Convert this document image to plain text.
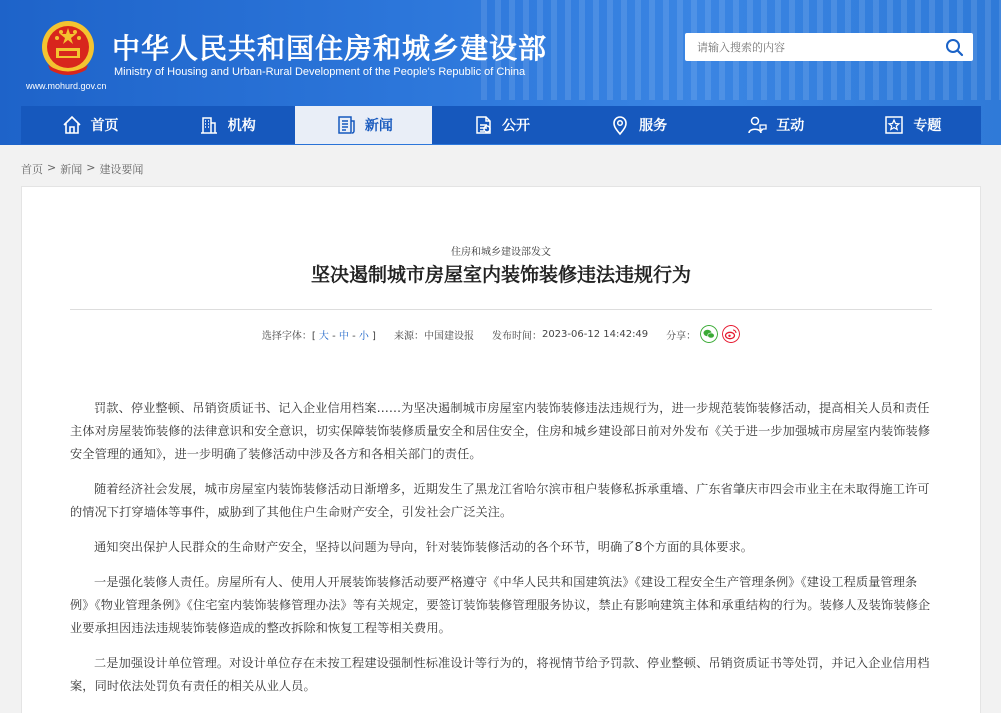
www.mohurd.gov.cn
中华人民共和国住房和城乡建设部
Ministry of Housing and Urban-Rural Development of the People's Republic of China
请输入搜索的内容
首页	机构	新闻	公开	服务	互动	专题
首页 > 新闻 > 建设要闻
住房和城乡建设部发文
坚决遏制城市房屋室内装饰装修违法违规行为
选择字体：[ 大 - 中 - 小 ] 来源： 中国建设报 发布时间： 2023-06-12 14:42:49 分享：

罚款、停业整顿、吊销资质证书、记入企业信用档案……为坚决遏制城市房屋室内装饰装修违法违规行为，进一步规范装饰装修活动，提高相关人员和责任主体对房屋装饰装修的法律意识和安全意识，切实保障装饰装修质量安全和居住安全，住房和城乡建设部日前对外发布《关于进一步加强城市房屋室内装饰装修安全管理的通知》，进一步明确了装修活动中涉及各方和各相关部门的责任。

随着经济社会发展，城市房屋室内装饰装修活动日渐增多，近期发生了黑龙江省哈尔滨市租户装修私拆承重墙、广东省肇庆市四会市业主在未取得施工许可的情况下打穿墙体等事件，威胁到了其他住户生命财产安全，引发社会广泛关注。

通知突出保护人民群众的生命财产安全，坚持以问题为导向，针对装饰装修活动的各个环节，明确了8个方面的具体要求。

一是强化装修人责任。房屋所有人、使用人开展装饰装修活动要严格遵守《中华人民共和国建筑法》《建设工程安全生产管理条例》《建设工程质量管理条例》《物业管理条例》《住宅室内装饰装修管理办法》等有关规定，要签订装饰装修管理服务协议，禁止有影响建筑主体和承重结构的行为。装修人及装饰装修企业要承担因违法违规装饰装修造成的整改拆除和恢复工程等相关费用。

二是加强设计单位管理。对设计单位存在未按工程建设强制性标准设计等行为的，将视情节给予罚款、停业整顿、吊销资质证书等处罚，并记入企业信用档案，同时依法处罚负有责任的相关从业人员。
